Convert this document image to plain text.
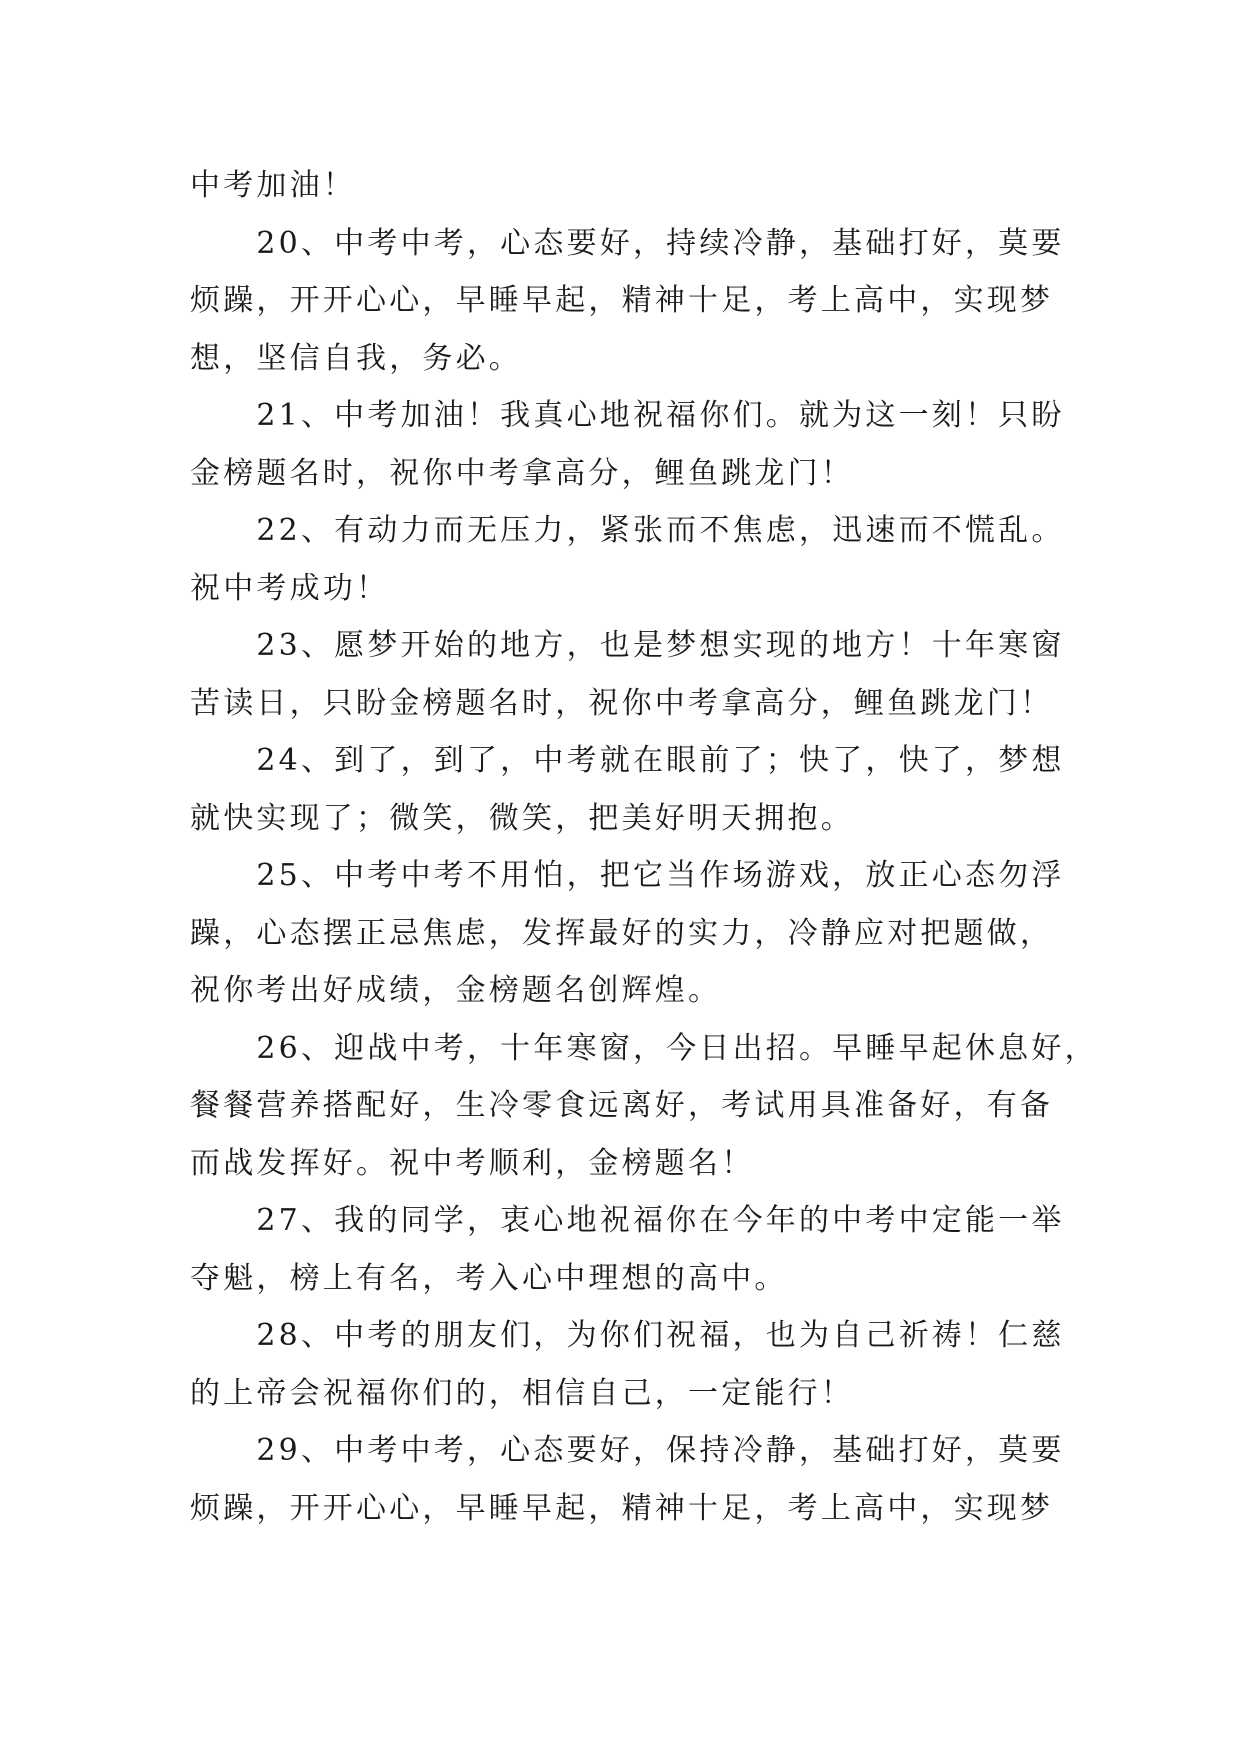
中考加油！
　　20、中考中考，心态要好，持续冷静，基础打好，莫要
烦躁，开开心心，早睡早起，精神十足，考上高中，实现梦
想，坚信自我，务必。
　　21、中考加油！我真心地祝福你们。就为这一刻！只盼
金榜题名时，祝你中考拿高分，鲤鱼跳龙门！
　　22、有动力而无压力，紧张而不焦虑，迅速而不慌乱。
祝中考成功！
　　23、愿梦开始的地方，也是梦想实现的地方！十年寒窗
苦读日，只盼金榜题名时，祝你中考拿高分，鲤鱼跳龙门！
　　24、到了，到了，中考就在眼前了；快了，快了，梦想
就快实现了；微笑，微笑，把美好明天拥抱。
　　25、中考中考不用怕，把它当作场游戏，放正心态勿浮
躁，心态摆正忌焦虑，发挥最好的实力，冷静应对把题做，
祝你考出好成绩，金榜题名创辉煌。
　　26、迎战中考，十年寒窗，今日出招。早睡早起休息好，
餐餐营养搭配好，生冷零食远离好，考试用具准备好，有备
而战发挥好。祝中考顺利，金榜题名！
　　27、我的同学，衷心地祝福你在今年的中考中定能一举
夺魁，榜上有名，考入心中理想的高中。
　　28、中考的朋友们，为你们祝福，也为自己祈祷！仁慈
的上帝会祝福你们的，相信自己，一定能行！
　　29、中考中考，心态要好，保持冷静，基础打好，莫要
烦躁，开开心心，早睡早起，精神十足，考上高中，实现梦
